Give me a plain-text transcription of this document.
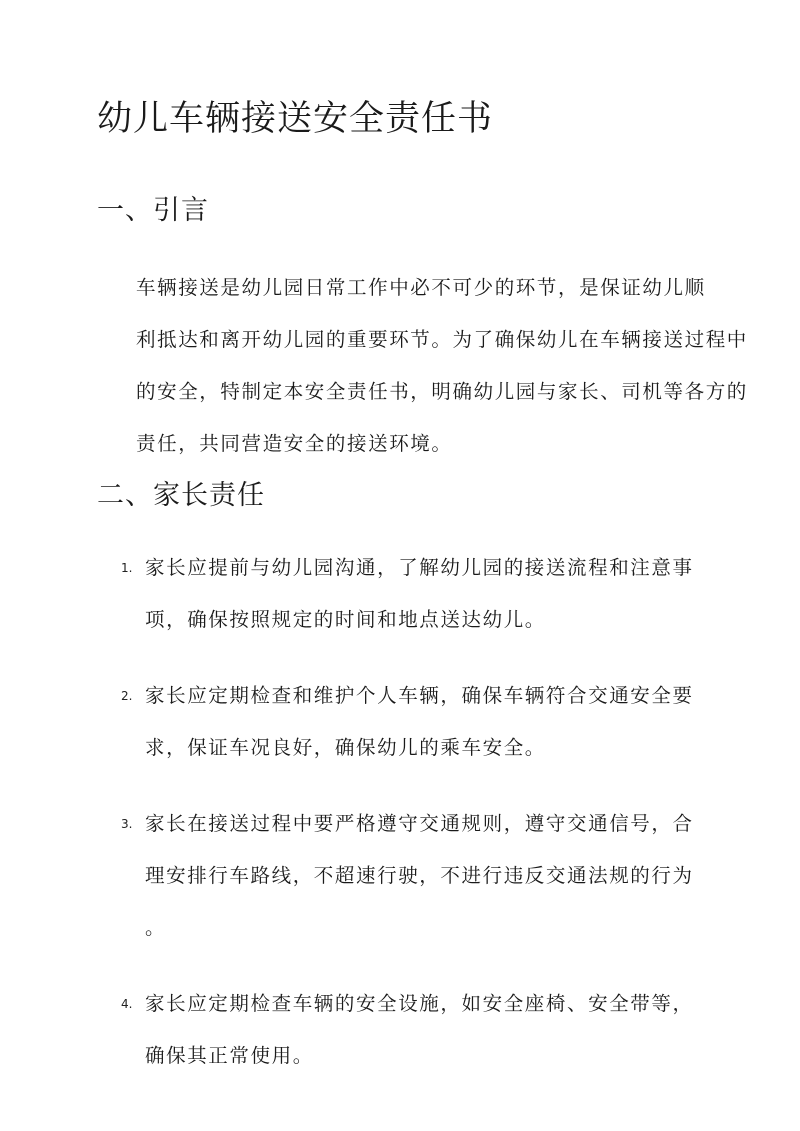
幼儿车辆接送安全责任书
一、引言

车辆接送是幼儿园日常工作中必不可少的环节，是保证幼儿顺
利抵达和离开幼儿园的重要环节。为了确保幼儿在车辆接送过程中
的安全，特制定本安全责任书，明确幼儿园与家长、司机等各方的
责任，共同营造安全的接送环境。

二、家长责任
1. 家长应提前与幼儿园沟通，了解幼儿园的接送流程和注意事
项，确保按照规定的时间和地点送达幼儿。
2. 家长应定期检查和维护个人车辆，确保车辆符合交通安全要
求，保证车况良好，确保幼儿的乘车安全。
3. 家长在接送过程中要严格遵守交通规则，遵守交通信号，合
理安排行车路线，不超速行驶，不进行违反交通法规的行为
。
4. 家长应定期检查车辆的安全设施，如安全座椅、安全带等，
确保其正常使用。
